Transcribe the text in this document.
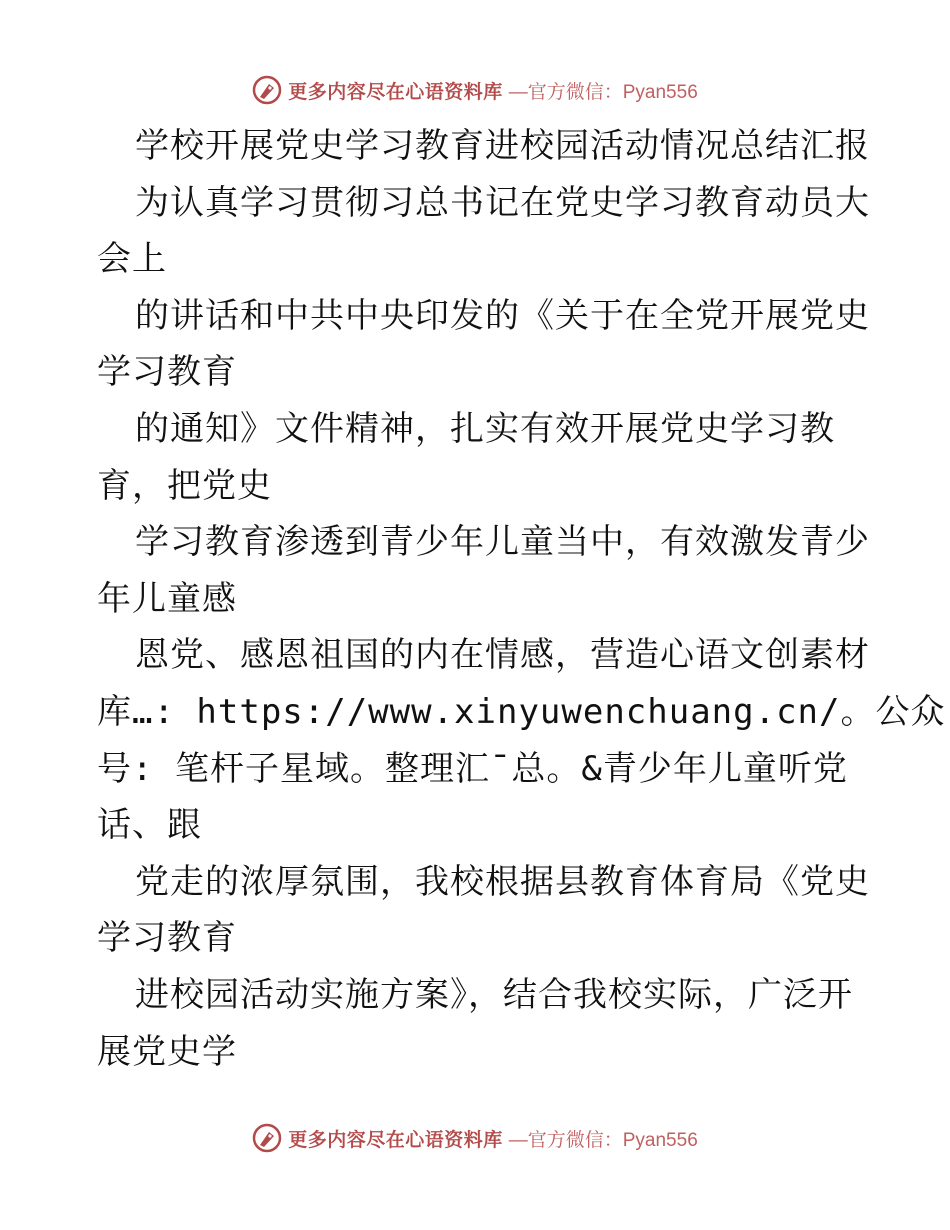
更多内容尽在心语资料库 —官方微信：Pyan556
学校开展党史学习教育进校园活动情况总结汇报
为认真学习贯彻习总书记在党史学习教育动员大
会上
的讲话和中共中央印发的《关于在全党开展党史
学习教育
的通知》文件精神，扎实有效开展党史学习教
育，把党史
学习教育渗透到青少年儿童当中，有效激发青少
年儿童感
恩党、感恩祖国的内在情感，营造心语文创素材
库…: https://www.xinyuwenchuang.cn/。公众
号: 笔杆子星域。整理汇¯总。&青少年儿童听党
话、跟
党走的浓厚氛围，我校根据县教育体育局《党史
学习教育
进校园活动实施方案》，结合我校实际，广泛开
展党史学
更多内容尽在心语资料库 —官方微信：Pyan556
